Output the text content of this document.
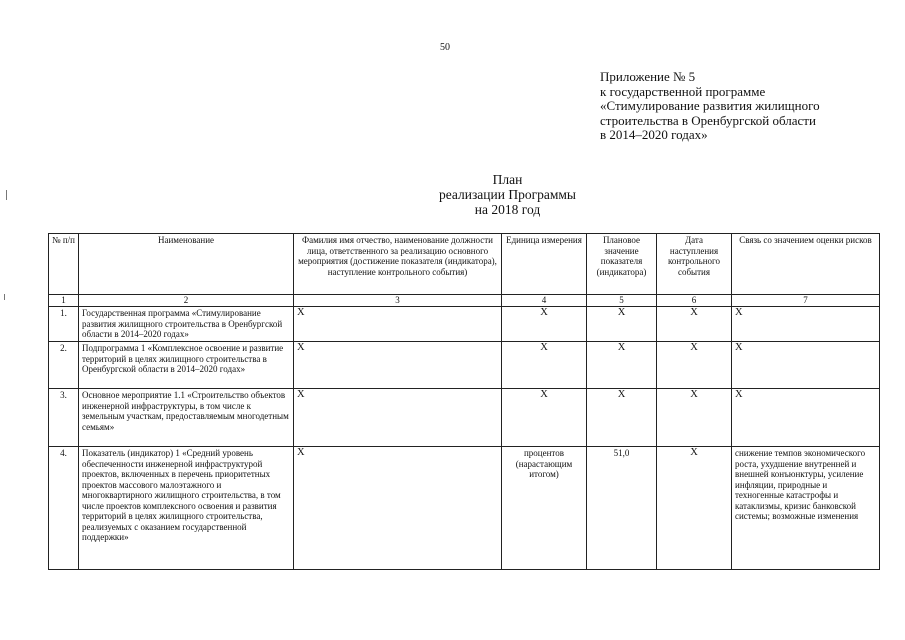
50
Приложение № 5
к государственной программе
«Стимулирование развития жилищного
строительства в Оренбургской области
в 2014–2020 годах»
План
реализации Программы
на 2018 год
№ п/п	Наименование	Фамилия имя отчество, наименование должности лица, ответственного за реализацию основного мероприятия (достижение показателя (индикатора), наступление контрольного события)	Единица измерения	Плановое значение показателя (индикатора)	Дата наступления контрольного события	Связь со значением оценки рисков
1	2	3	4	5	6	7
1.	Государственная программа «Стимулирование развития жилищного строительства в Оренбургской области в 2014–2020 годах»	X	X	X	X	X
2.	Подпрограмма 1 «Комплексное освоение и развитие территорий в целях жилищного строительства в Оренбургской области в 2014–2020 годах»	X	X	X	X	X
3.	Основное мероприятие 1.1 «Строительство объектов инженерной инфраструктуры, в том числе к земельным участкам, предоставляемым многодетным семьям»	X	X	X	X	X
4.	Показатель (индикатор) 1 «Средний уровень обеспеченности инженерной инфраструктурой проектов, включенных в перечень приоритетных проектов массового малоэтажного и многоквартирного жилищного строительства, в том числе проектов комплексного освоения и развития территорий в целях жилищного строительства, реализуемых с оказанием государственной поддержки»	X	процентов (нарастающим итогом)	51,0	X	снижение темпов экономического роста, ухудшение внутренней и внешней конъюнктуры, усиление инфляции, природные и техногенные катастрофы и катаклизмы, кризис банковской системы; возможные изменения
